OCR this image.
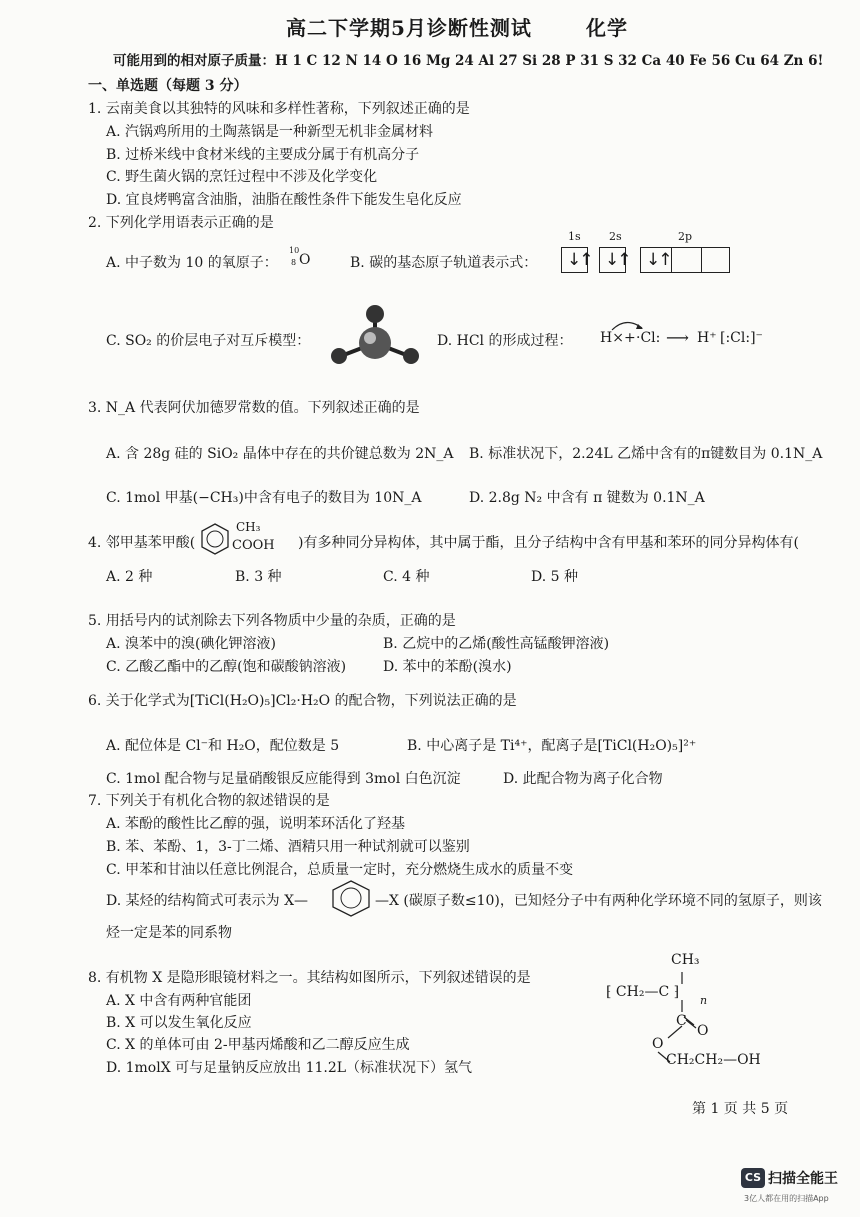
高二下学期5月诊断性测试	化学
可能用到的相对原子质量：H 1 C 12 N 14 O 16 Mg 24 Al 27 Si 28 P 31 S 32 Ca 40 Fe 56 Cu 64 Zn 6!
一、单选题（每题 3 分）
1. 云南美食以其独特的风味和多样性著称，下列叙述正确的是
A. 汽锅鸡所用的土陶蒸锅是一种新型无机非金属材料
B. 过桥米线中食材米线的主要成分属于有机高分子
C. 野生菌火锅的烹饪过程中不涉及化学变化
D. 宜良烤鸭富含油脂，油脂在酸性条件下能发生皂化反应
2. 下列化学用语表示正确的是
A. 中子数为 10 的氧原子：
10
8 O	B. 碳的基态原子轨道表示式：
1s	2s	2p
↓↑ ↓↑ ↓↑
C. SO₂ 的价层电子对互斥模型：	D. HCl 的形成过程： H× + ·Cl: ⟶ H⁺ [:Cl:]⁻
3. N_A 代表阿伏加德罗常数的值。下列叙述正确的是
A. 含 28g 硅的 SiO₂ 晶体中存在的共价键总数为 2N_A B. 标准状况下，2.24L 乙烯中含有的π键数目为 0.1N_A
C. 1mol 甲基(−CH₃)中含有电子的数目为 10N_A	D. 2.8g N₂ 中含有 π 键数为 0.1N_A
4. 邻甲基苯甲酸(
CH₃
COOH )有多种同分异构体，其中属于酯，且分子结构中含有甲基和苯环的同分异构体有(
A. 2 种	B. 3 种	C. 4 种	D. 5 种
5. 用括号内的试剂除去下列各物质中少量的杂质，正确的是
A. 溴苯中的溴(碘化钾溶液)	B. 乙烷中的乙烯(酸性高锰酸钾溶液)
C. 乙酸乙酯中的乙醇(饱和碳酸钠溶液)	D. 苯中的苯酚(溴水)
6. 关于化学式为[TiCl(H₂O)₅]Cl₂·H₂O 的配合物，下列说法正确的是
A. 配位体是 Cl⁻和 H₂O，配位数是 5	B. 中心离子是 Ti⁴⁺，配离子是[TiCl(H₂O)₅]²⁺
C. 1mol 配合物与足量硝酸银反应能得到 3mol 白色沉淀	D. 此配合物为离子化合物
7. 下列关于有机化合物的叙述错误的是
A. 苯酚的酸性比乙醇的强，说明苯环活化了羟基
B. 苯、苯酚、1，3-丁二烯、酒精只用一种试剂就可以鉴别
C. 甲苯和甘油以任意比例混合，总质量一定时，充分燃烧生成水的质量不变
D. 某烃的结构简式可表示为 X—	—X (碳原子数≤10)，已知烃分子中有两种化学环境不同的氢原子，则该
烃一定是苯的同系物
8. 有机物 X 是隐形眼镜材料之一。其结构如图所示，下列叙述错误的是
A. X 中含有两种官能团
B. X 可以发生氧化反应
C. X 的单体可由 2-甲基丙烯酸和乙二醇反应生成
D. 1molX 可与足量钠反应放出 11.2L（标准状况下）氢气
CH₃
⁅ CH₂—C ⁆
n
C
O
O
CH₂CH₂—OH
第 1 页 共 5 页
CS 扫描全能王
3亿人都在用的扫描App
